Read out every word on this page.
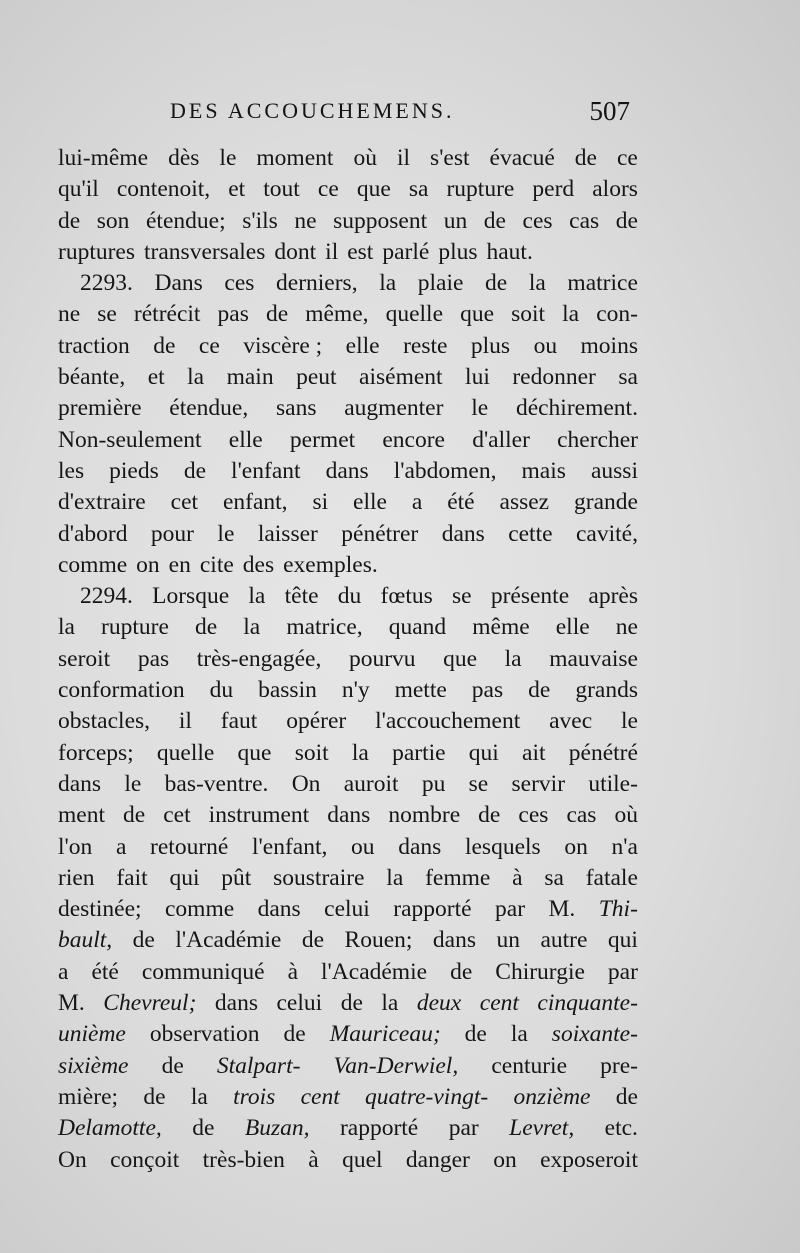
DES ACCOUCHEMENS.	507
lui-même dès le moment où il s'est évacué de ce
qu'il contenoit, et tout ce que sa rupture perd alors
de son étendue; s'ils ne supposent un de ces cas de
ruptures transversales dont il est parlé plus haut.
2293. Dans ces derniers, la plaie de la matrice
ne se rétrécit pas de même, quelle que soit la con-
traction de ce viscère ; elle reste plus ou moins
béante, et la main peut aisément lui redonner sa
première étendue, sans augmenter le déchirement.
Non-seulement elle permet encore d'aller chercher
les pieds de l'enfant dans l'abdomen, mais aussi
d'extraire cet enfant, si elle a été assez grande
d'abord pour le laisser pénétrer dans cette cavité,
comme on en cite des exemples.
2294. Lorsque la tête du fœtus se présente après
la rupture de la matrice, quand même elle ne
seroit pas très-engagée, pourvu que la mauvaise
conformation du bassin n'y mette pas de grands
obstacles, il faut opérer l'accouchement avec le
forceps; quelle que soit la partie qui ait pénétré
dans le bas-ventre. On auroit pu se servir utile-
ment de cet instrument dans nombre de ces cas où
l'on a retourné l'enfant, ou dans lesquels on n'a
rien fait qui pût soustraire la femme à sa fatale
destinée; comme dans celui rapporté par M. Thi-
bault, de l'Académie de Rouen; dans un autre qui
a été communiqué à l'Académie de Chirurgie par
M. Chevreul; dans celui de la deux cent cinquante-
unième observation de Mauriceau; de la soixante-
sixième de Stalpart- Van-Derwiel, centurie pre-
mière; de la trois cent quatre-vingt- onzième de
Delamotte, de Buzan, rapporté par Levret, etc.
On conçoit très-bien à quel danger on exposeroit
